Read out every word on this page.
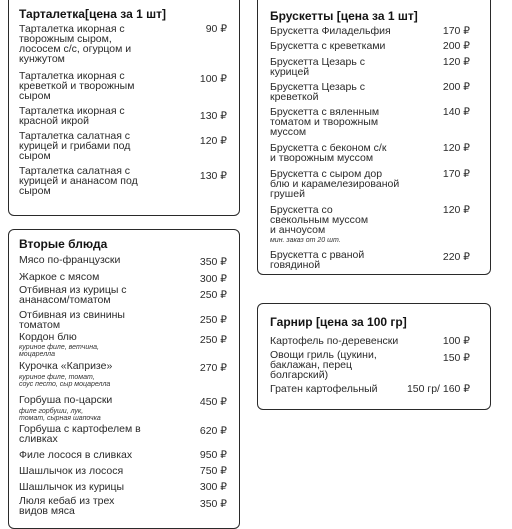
Тарталетка[цена за 1 шт]
Тарталетка икорная с
творожным сыром,
лососем с/с, огурцом и
кунжутом
90 ₽
Тарталетка икорная с
креветкой и творожным
сыром
100 ₽
Тарталетка икорная с
красной икрой	130 ₽
Тарталетка салатная с
курицей и грибами под
сыром
120 ₽
Тарталетка салатная с
курицей и ананасом под
сыром
130 ₽
Брускетты [цена за 1 шт]
Брускетта Филадельфия	170 ₽
Брускетта с креветками	200 ₽
Брускетта Цезарь с
курицей
120 ₽
Брускетта Цезарь с
креветкой
200 ₽
Брускетта с вяленным
томатом и творожным
муссом
140 ₽
Брускетта с беконом с/к
и творожным муссом
120 ₽
Брускетта с сыром дор
блю и карамелезированой
грушей
170 ₽
Брускетта со
свекольным муссом
и анчоусом
120 ₽
мин. заказ от 20 шт.
Брускетта с рваной
говядиной
220 ₽
Вторые блюда
Мясо по-французски	350 ₽
Жаркое с мясом	300 ₽
Отбивная из курицы с
ананасом/томатом	250 ₽
Отбивная из свинины
томатом	250 ₽
Кордон блю	250 ₽
куриное филе, ветчина,
моцарелла
Курочка «Капризе»	270 ₽
куриное филе, томат,
соус песто, сыр моцарелла
Горбуша по-царски	450 ₽
филе горбуши, лук,
томат, сырная шапочка
Горбуша с картофелем в
сливках
620 ₽
Филе лосося в сливках	950 ₽
Шашлычок из лосося	750 ₽
Шашлычок из курицы	300 ₽
Люля кебаб из трех
видов мяса
350 ₽
Гарнир [цена за 100 гр]
Картофель по-деревенски	100 ₽
Овощи гриль (цукини,
баклажан, перец
болгарский)
150 ₽
Гратен картофельный	150 гр/ 160 ₽
